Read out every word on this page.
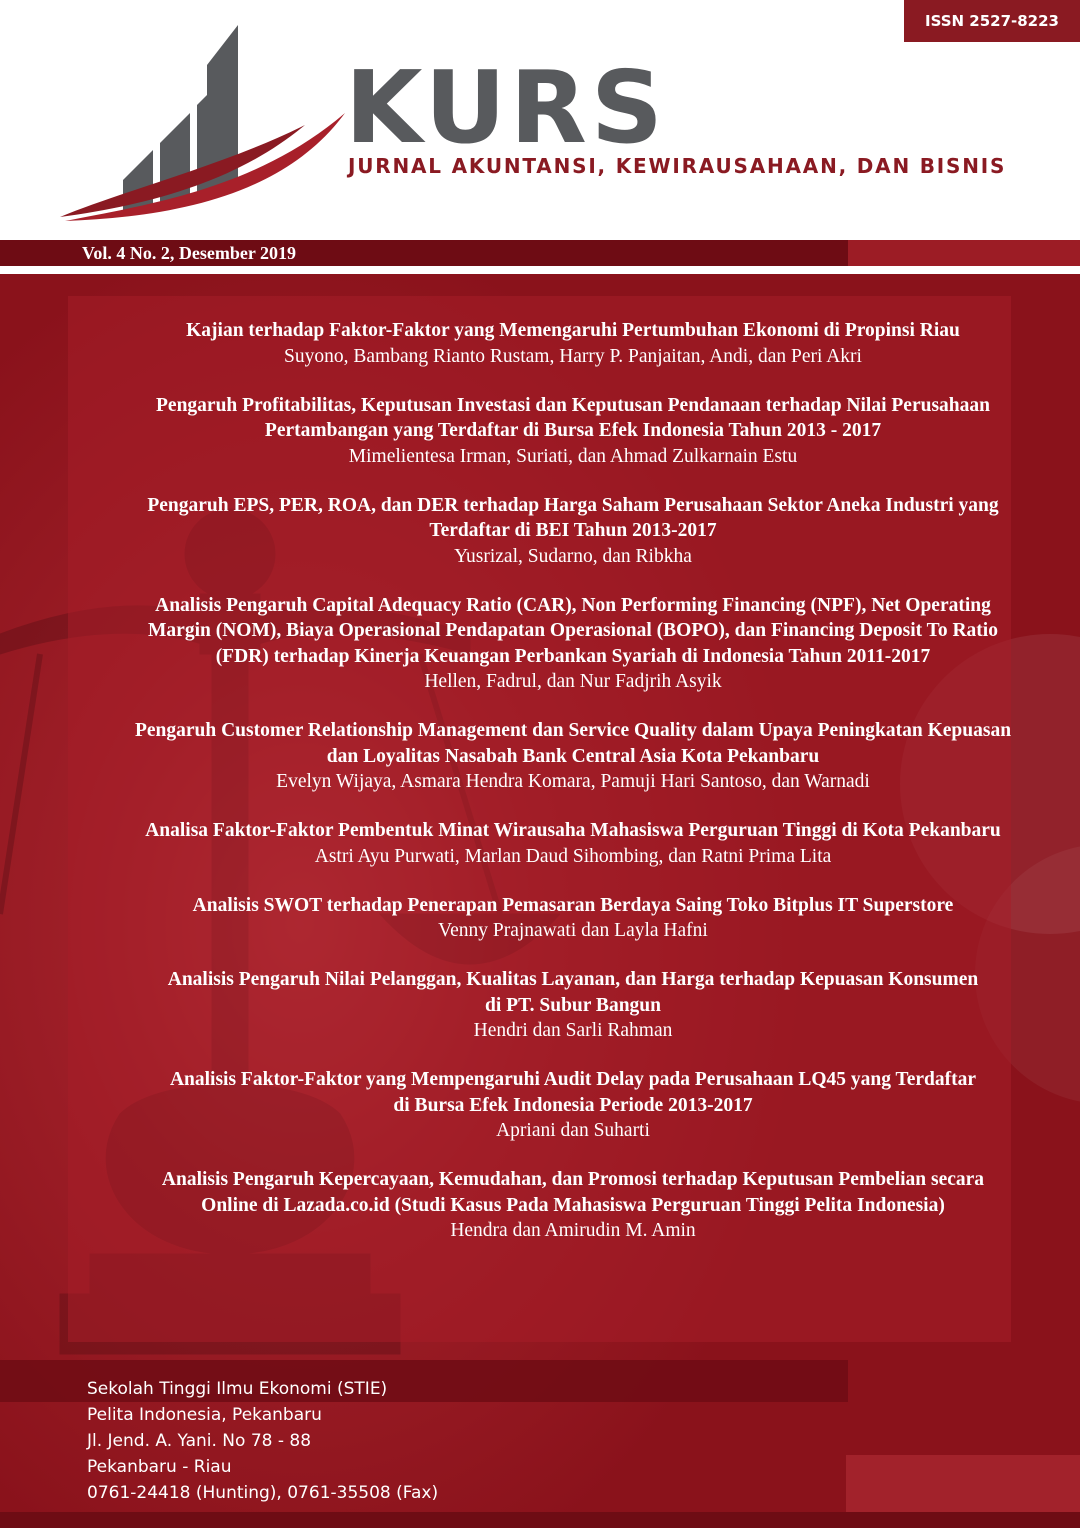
ISSN 2527-8223
KURS
JURNAL AKUNTANSI, KEWIRAUSAHAAN, DAN BISNIS
Vol. 4 No. 2, Desember 2019
Kajian terhadap Faktor-Faktor yang Memengaruhi Pertumbuhan Ekonomi di Propinsi Riau
Suyono, Bambang Rianto Rustam, Harry P. Panjaitan, Andi, dan Peri Akri
Pengaruh Profitabilitas, Keputusan Investasi dan Keputusan Pendanaan terhadap Nilai Perusahaan
Pertambangan yang Terdaftar di Bursa Efek Indonesia Tahun 2013 - 2017
Mimelientesa Irman, Suriati, dan Ahmad Zulkarnain Estu
Pengaruh EPS, PER, ROA, dan DER terhadap Harga Saham Perusahaan Sektor Aneka Industri yang
Terdaftar di BEI Tahun 2013-2017
Yusrizal, Sudarno, dan Ribkha
Analisis Pengaruh Capital Adequacy Ratio (CAR), Non Performing Financing (NPF), Net Operating
Margin (NOM), Biaya Operasional Pendapatan Operasional (BOPO), dan Financing Deposit To Ratio
(FDR) terhadap Kinerja Keuangan Perbankan Syariah di Indonesia Tahun 2011-2017
Hellen, Fadrul, dan Nur Fadjrih Asyik
Pengaruh Customer Relationship Management dan Service Quality dalam Upaya Peningkatan Kepuasan
dan Loyalitas Nasabah Bank Central Asia Kota Pekanbaru
Evelyn Wijaya, Asmara Hendra Komara, Pamuji Hari Santoso, dan Warnadi
Analisa Faktor-Faktor Pembentuk Minat Wirausaha Mahasiswa Perguruan Tinggi di Kota Pekanbaru
Astri Ayu Purwati, Marlan Daud Sihombing, dan Ratni Prima Lita
Analisis SWOT terhadap Penerapan Pemasaran Berdaya Saing Toko Bitplus IT Superstore
Venny Prajnawati dan Layla Hafni
Analisis Pengaruh Nilai Pelanggan, Kualitas Layanan, dan Harga terhadap Kepuasan Konsumen
di PT. Subur Bangun
Hendri dan Sarli Rahman
Analisis Faktor-Faktor yang Mempengaruhi Audit Delay pada Perusahaan LQ45 yang Terdaftar
di Bursa Efek Indonesia Periode 2013-2017
Apriani dan Suharti
Analisis Pengaruh Kepercayaan, Kemudahan, dan Promosi terhadap Keputusan Pembelian secara
Online di Lazada.co.id (Studi Kasus Pada Mahasiswa Perguruan Tinggi Pelita Indonesia)
Hendra dan Amirudin M. Amin
Sekolah Tinggi Ilmu Ekonomi (STIE)
Pelita Indonesia, Pekanbaru
Jl. Jend. A. Yani. No 78 - 88
Pekanbaru - Riau
0761-24418 (Hunting), 0761-35508 (Fax)
